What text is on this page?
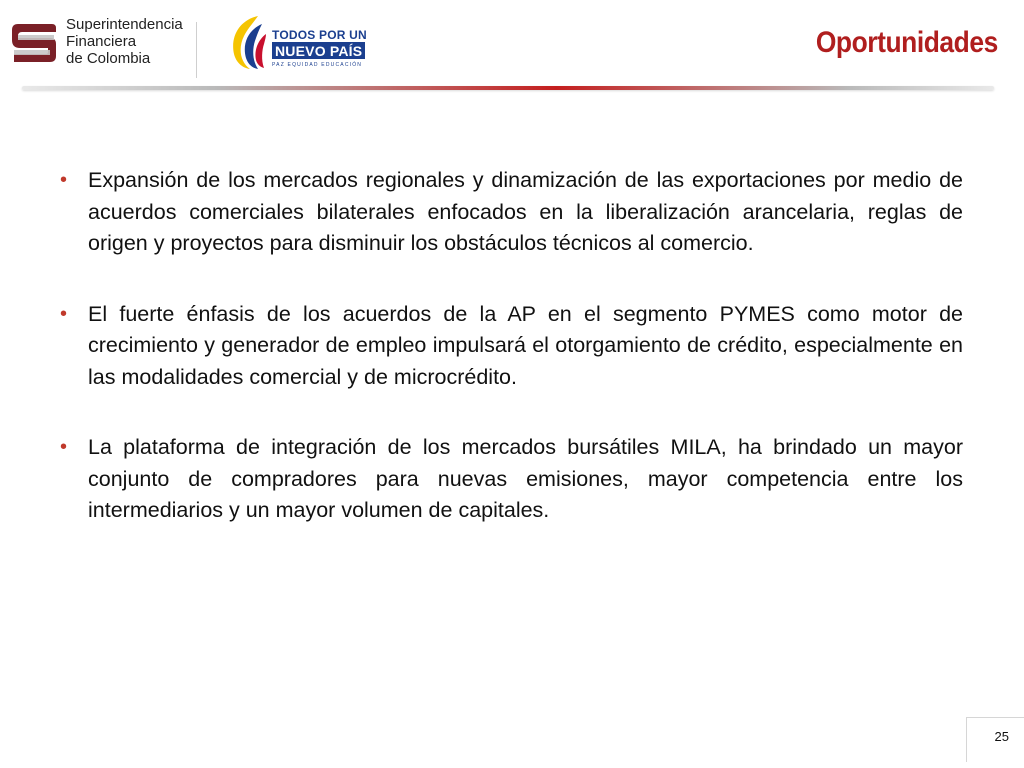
Superintendencia
Financiera
de Colombia
TODOS POR UN
NUEVO PAÍS
PAZ EQUIDAD EDUCACIÓN
Oportunidades
• Expansión de los mercados regionales y dinamización de las exportaciones por medio de acuerdos comerciales bilaterales enfocados en la liberalización arancelaria, reglas de origen y proyectos para disminuir los obstáculos técnicos al comercio.
• El fuerte énfasis de los acuerdos de la AP en el segmento PYMES como motor de crecimiento y generador de empleo impulsará el otorgamiento de crédito, especialmente en las modalidades comercial y de microcrédito.
• La plataforma de integración de los mercados bursátiles MILA, ha brindado un mayor conjunto de compradores para nuevas emisiones, mayor competencia entre los intermediarios y un mayor volumen de capitales.
25
